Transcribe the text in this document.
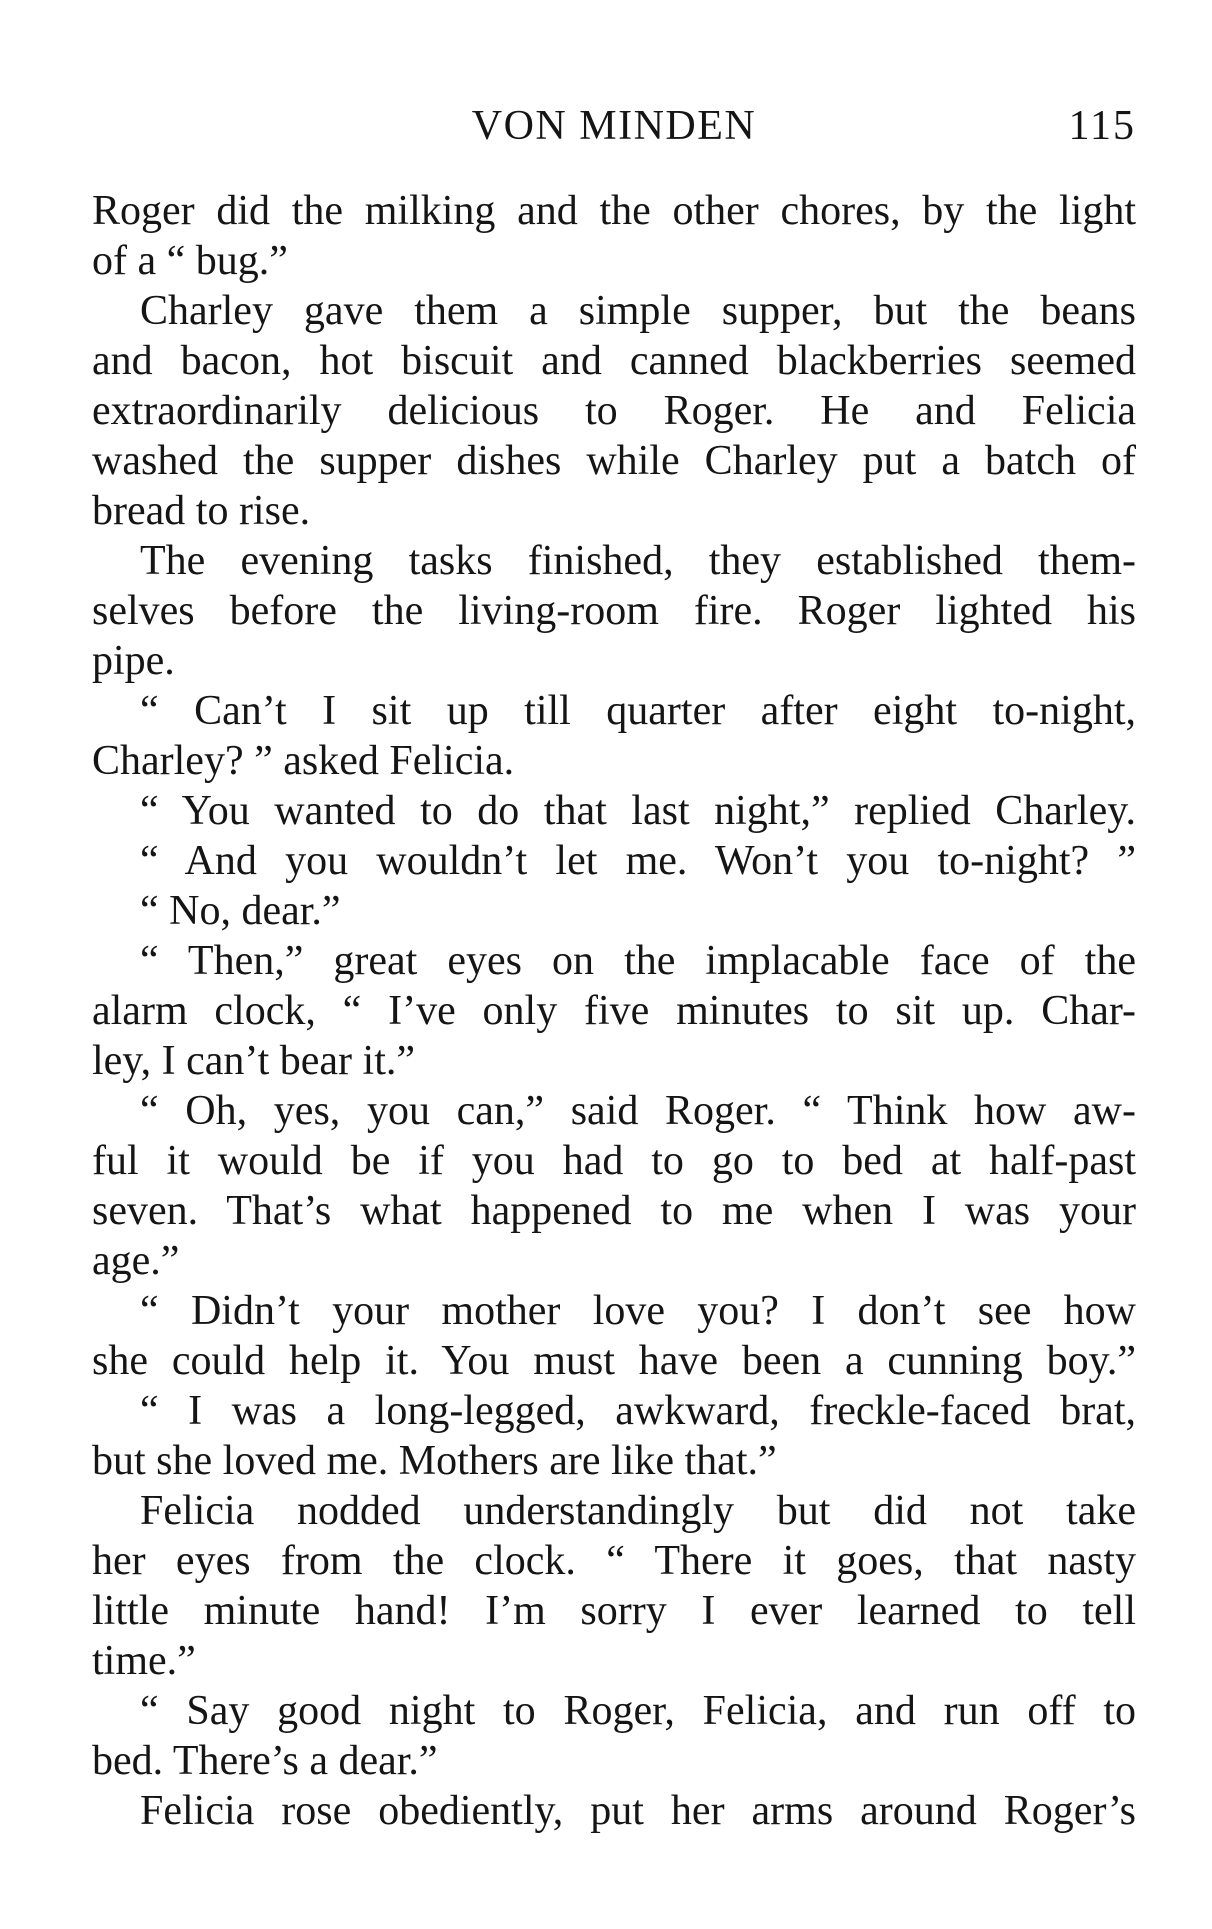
VON MINDEN	115
Roger did the milking and the other chores, by the light
of a “ bug.”
Charley gave them a simple supper, but the beans
and bacon, hot biscuit and canned blackberries seemed
extraordinarily delicious to Roger. He and Felicia
washed the supper dishes while Charley put a batch of
bread to rise.
The evening tasks finished, they established them-
selves before the living-room fire. Roger lighted his
pipe.
“ Can’t I sit up till quarter after eight to-night,
Charley? ” asked Felicia.
“ You wanted to do that last night,” replied Charley.
“ And you wouldn’t let me. Won’t you to-night? ”
“ No, dear.”
“ Then,” great eyes on the implacable face of the
alarm clock, “ I’ve only five minutes to sit up. Char-
ley, I can’t bear it.”
“ Oh, yes, you can,” said Roger. “ Think how aw-
ful it would be if you had to go to bed at half-past
seven. That’s what happened to me when I was your
age.”
“ Didn’t your mother love you? I don’t see how
she could help it. You must have been a cunning boy.”
“ I was a long-legged, awkward, freckle-faced brat,
but she loved me. Mothers are like that.”
Felicia nodded understandingly but did not take
her eyes from the clock. “ There it goes, that nasty
little minute hand! I’m sorry I ever learned to tell
time.”
“ Say good night to Roger, Felicia, and run off to
bed. There’s a dear.”
Felicia rose obediently, put her arms around Roger’s
